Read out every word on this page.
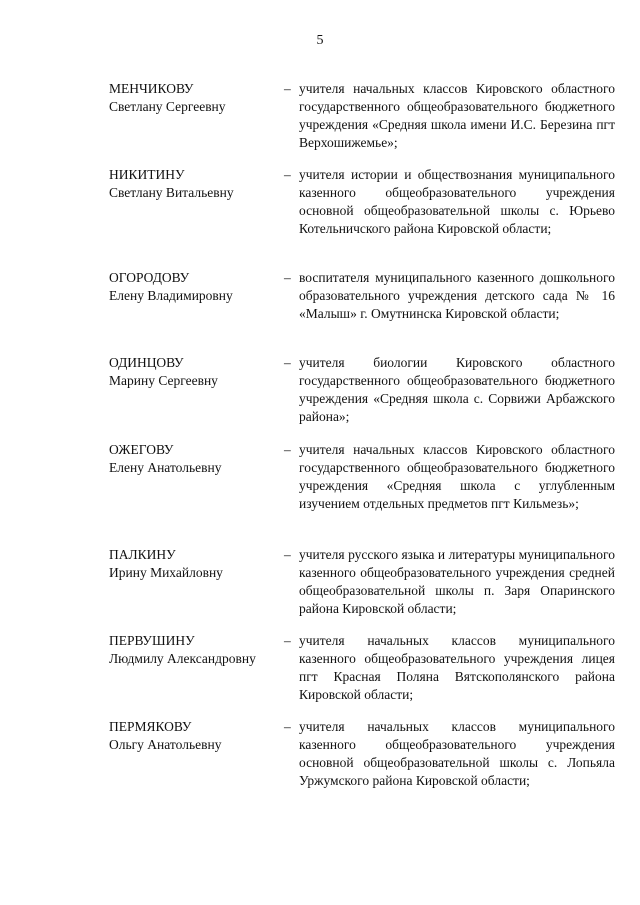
5
МЕНЧИКОВУ
Светлану Сергеевну
– учителя начальных классов Кировского областного государственного общеобразовательного бюджетного учреждения «Средняя школа имени И.С. Березина пгт Верхошижемье»;
НИКИТИНУ
Светлану Витальевну
– учителя истории и обществознания муниципального казенного общеобразовательного учреждения основной общеобразовательной школы с. Юрьево Котельничского района Кировской области;
ОГОРОДОВУ
Елену Владимировну
– воспитателя муниципального казенного дошкольного образовательного учреждения детского сада № 16 «Малыш» г. Омутнинска Кировской области;
ОДИНЦОВУ
Марину Сергеевну
– учителя биологии Кировского областного государственного общеобразовательного бюджетного учреждения «Средняя школа с. Сорвижи Арбажского района»;
ОЖЕГОВУ
Елену Анатольевну
– учителя начальных классов Кировского областного государственного общеобразовательного бюджетного учреждения «Средняя школа с углубленным изучением отдельных предметов пгт Кильмезь»;
ПАЛКИНУ
Ирину Михайловну
– учителя русского языка и литературы муниципального казенного общеобразовательного учреждения средней общеобразовательной школы п. Заря Опаринского района Кировской области;
ПЕРВУШИНУ
Людмилу Александровну
– учителя начальных классов муниципального казенного общеобразовательного учреждения лицея пгт Красная Поляна Вятскополянского района Кировской области;
ПЕРМЯКОВУ
Ольгу Анатольевну
– учителя начальных классов муниципального казенного общеобразовательного учреждения основной общеобразовательной школы с. Лопьяла Уржумского района Кировской области;
